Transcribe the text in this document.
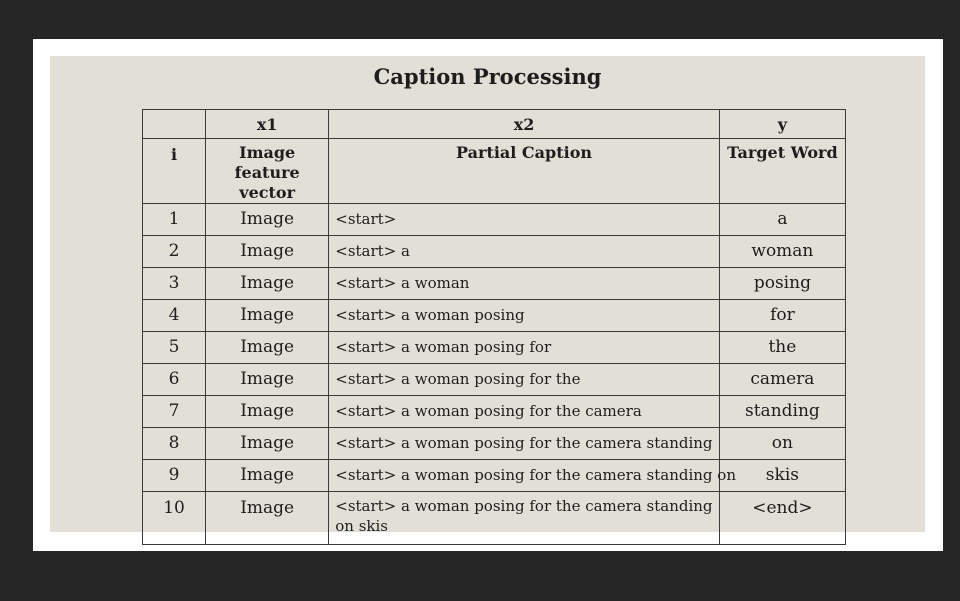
Caption Processing
	x1	x2	y
i	Image feature vector	Partial Caption	Target Word
1	Image	<start>	a
2	Image	<start> a	woman
3	Image	<start> a woman	posing
4	Image	<start> a woman posing	for
5	Image	<start> a woman posing for	the
6	Image	<start> a woman posing for the	camera
7	Image	<start> a woman posing for the camera	standing
8	Image	<start> a woman posing for the camera standing	on
9	Image	<start> a woman posing for the camera standing on	skis
10	Image	<start> a woman posing for the camera standing on skis	<end>
